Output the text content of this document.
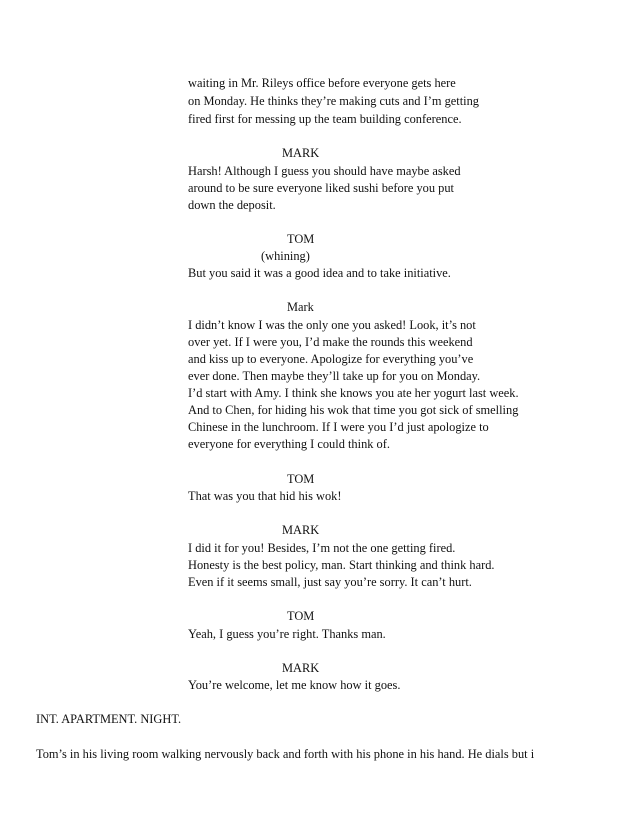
waiting in Mr. Rileys office before everyone gets here
on Monday. He thinks they’re making cuts and I’m getting
fired first for messing up the team building conference.
MARK
Harsh! Although I guess you should have maybe asked
around to be sure everyone liked sushi before you put
down the deposit.
TOM
(whining)
But you said it was a good idea and to take initiative.
Mark
I didn’t know I was the only one you asked! Look, it’s not
over yet. If I were you, I’d make the rounds this weekend
and kiss up to everyone. Apologize for everything you’ve
ever done. Then maybe they’ll take up for you on Monday.
I’d start with Amy. I think she knows you ate her yogurt last week.
And to Chen, for hiding his wok that time you got sick of smelling
Chinese in the lunchroom. If I were you I’d just apologize to
everyone for everything I could think of.
TOM
That was you that hid his wok!
MARK
I did it for you! Besides, I’m not the one getting fired.
Honesty is the best policy, man. Start thinking and think hard.
Even if it seems small, just say you’re sorry. It can’t hurt.
TOM
Yeah, I guess you’re right. Thanks man.
MARK
You’re welcome, let me know how it goes.
INT. APARTMENT. NIGHT.
Tom’s in his living room walking nervously back and forth with his phone in his hand. He dials but i
